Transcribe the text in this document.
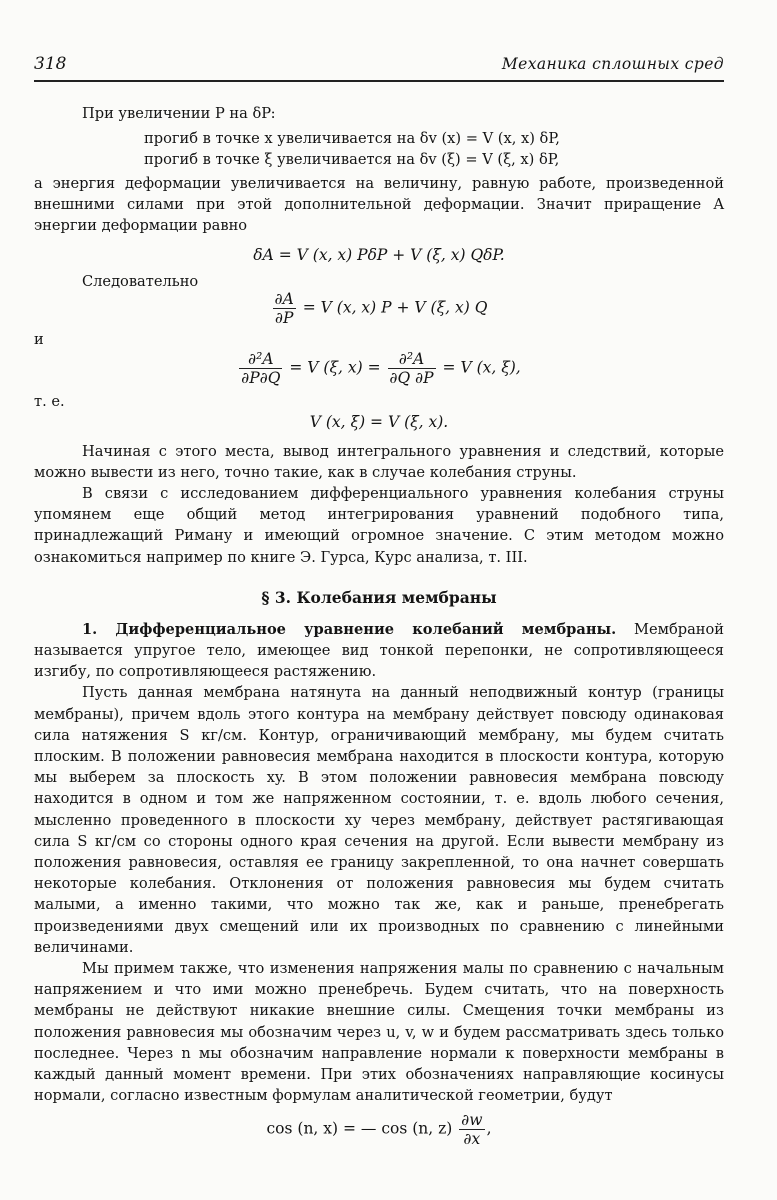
318	Механика сплошных сред

При увеличении P на δP:

прогиб в точке x увеличивается на δv (x) = V (x, x) δP,

прогиб в точке ξ увеличивается на δv (ξ) = V (ξ, x) δP,

а энергия деформации увеличивается на величину, равную работе, произведенной внешними силами при этой дополнительной деформации. Значит приращение A энергии деформации равно

δA = V (x, x) PδP + V (ξ, x) QδP.

Следовательно

$\frac{\partial A}{\partial P} = V$ (x, x) P + V (ξ, x) Q

и

$\frac{\text{∂²A}}{\partial P\partial Q} = V$ (ξ, $x) = \frac{\text{∂²A}}{\partial Q \partial P} = V$ (x, ξ),

т. е.

V (x, ξ) = V (ξ, x).

Начиная с этого места, вывод интегрального уравнения и следствий, которые можно вывести из него, точно такие, как в случае колебания струны.

В связи с исследованием дифференциального уравнения колебания струны упомянем еще общий метод интегрирования уравнений подобного типа, принадлежащий Риману и имеющий огромное значение. С этим методом можно ознакомиться например по книге Э. Гурса, Курс анализа, т. III.

§ 3. Колебания мембраны

1. Дифференциальное уравнение колебаний мембраны. Мембраной называется упругое тело, имеющее вид тонкой перепонки, не сопротивляющееся изгибу, по сопротивляющееся растяжению.

Пусть данная мембрана натянута на данный неподвижный контур (границы мембраны), причем вдоль этого контура на мембрану действует повсюду одинаковая сила натяжения S кг/см. Контур, ограничивающий мембрану, мы будем считать плоским. В положении равновесия мембрана находится в плоскости контура, которую мы выберем за плоскость xy. В этом положении равновесия мембрана повсюду находится в одном и том же напряженном состоянии, т. е. вдоль любого сечения, мысленно проведенного в плоскости xy через мембрану, действует растягивающая сила S кг/см со стороны одного края сечения на другой. Если вывести мембрану из положения равновесия, оставляя ее границу закрепленной, то она начнет совершать некоторые колебания. Отклонения от положения равновесия мы будем считать малыми, а именно такими, что можно так же, как и раньше, пренебрегать произведениями двух смещений или их производных по сравнению с линейными величинами.

Мы примем также, что изменения напряжения малы по сравнению с начальным напряжением и что ими можно пренебречь. Будем считать, что на поверхность мембраны не действуют никакие внешние силы. Смещения точки мембраны из положения равновесия мы обозначим через u, v, w и будем рассматривать здесь только последнее. Через n мы обозначим направление нормали к поверхности мембраны в каждый данный момент времени. При этих обозначениях направляющие косинусы нормали, согласно известным формулам аналитической геометрии, будут

cos (n, x) = — cos (n, $z) \frac{\partial w}{\partial x}$ ,
